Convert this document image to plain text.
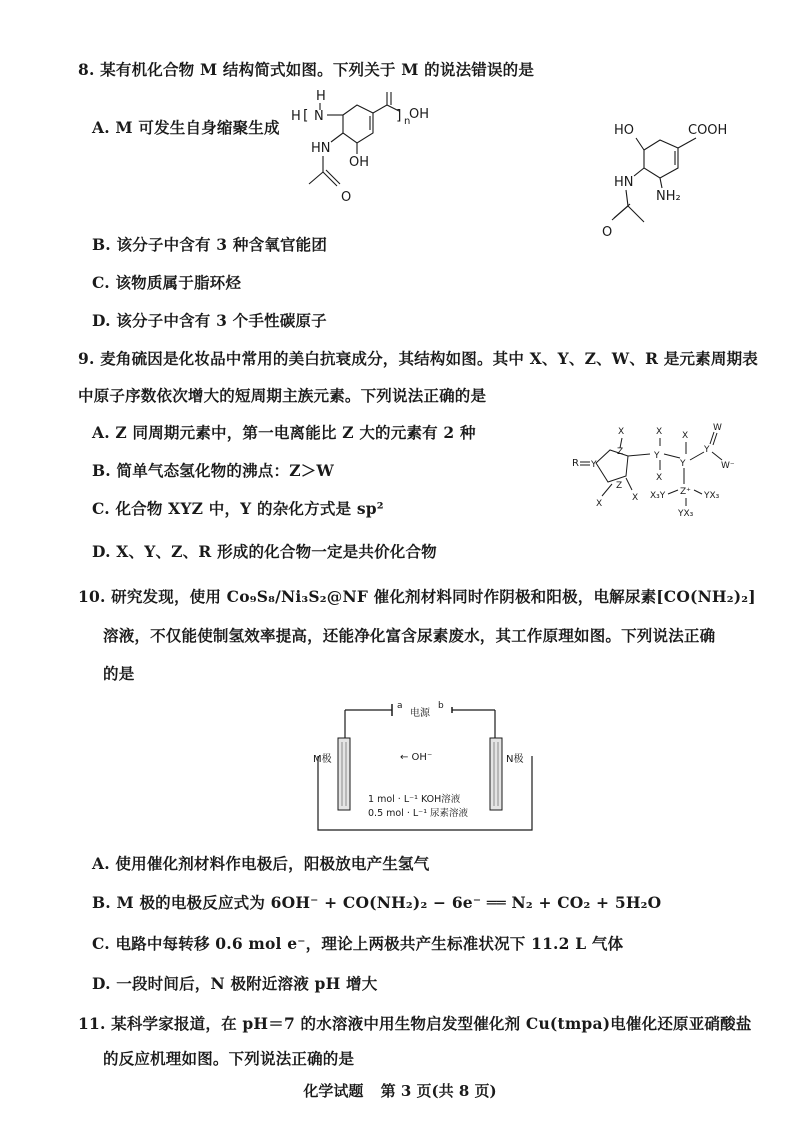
8. 某有机化合物 M 结构简式如图。下列关于 M 的说法错误的是
A. M 可发生自身缩聚生成
H
H
N
[	] n
OH
HN
OH
O
HO	COOH
HN
NH₂
O
B. 该分子中含有 3 种含氧官能团
C. 该物质属于脂环烃
D. 该分子中含有 3 个手性碳原子
9. 麦角硫因是化妆品中常用的美白抗衰成分，其结构如图。其中 X、Y、Z、W、R 是元素周期表
中原子序数依次增大的短周期主族元素。下列说法正确的是
A. Z 同周期元素中，第一电离能比 Z 大的元素有 2 种
B. 简单气态氢化物的沸点：Z＞W
C. 化合物 XYZ 中，Y 的杂化方式是 sp²
R Y
Z
Z
X
X
X
Y
X
X
Y
X
Y
W
W⁻
Z⁺
X₃Y	YX₃
YX₃
D. X、Y、Z、R 形成的化合物一定是共价化合物
10. 研究发现，使用 Co₉S₈/Ni₃S₂@NF 催化剂材料同时作阴极和阳极，电解尿素[CO(NH₂)₂]
溶液，不仅能使制氢效率提高，还能净化富含尿素废水，其工作原理如图。下列说法正确
的是
a	b
电源
M极	N极
← OH⁻
1 mol · L⁻¹ KOH溶液
0.5 mol · L⁻¹ 尿素溶液
A. 使用催化剂材料作电极后，阳极放电产生氢气
B. M 极的电极反应式为 6OH⁻ + CO(NH₂)₂ − 6e⁻ ══ N₂ + CO₂ + 5H₂O
C. 电路中每转移 0.6 mol e⁻，理论上两极共产生标准状况下 11.2 L 气体
D. 一段时间后，N 极附近溶液 pH 增大
11. 某科学家报道，在 pH＝7 的水溶液中用生物启发型催化剂 Cu(tmpa)电催化还原亚硝酸盐
的反应机理如图。下列说法正确的是
化学试题 第 3 页(共 8 页)
